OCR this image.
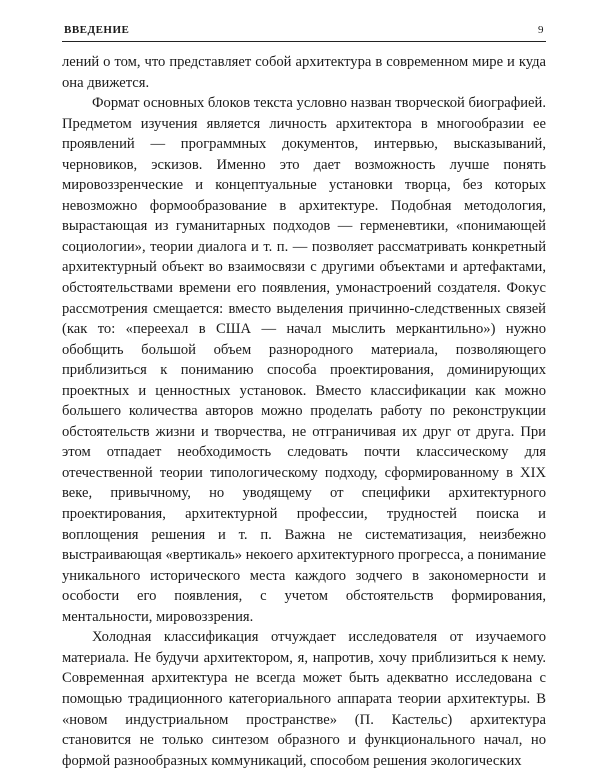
ВВЕДЕНИЕ	9

лений о том, что представляет собой архитектура в современном мире и куда она движется.

Формат основных блоков текста условно назван творческой биографией. Предметом изучения является личность архитектора в многообразии ее проявлений — программных документов, интервью, высказываний, черновиков, эскизов. Именно это дает возможность лучше понять мировоззренческие и концептуальные установки творца, без которых невозможно формообразование в архитектуре. Подобная методология, вырастающая из гуманитарных подходов — герменевтики, «понимающей социологии», теории диалога и т. п. — позволяет рассматривать конкретный архитектурный объект во взаимосвязи с другими объектами и артефактами, обстоятельствами времени его появления, умонастроений создателя. Фокус рассмотрения смещается: вместо выделения причинно-следственных связей (как то: «переехал в США — начал мыслить меркантильно») нужно обобщить большой объем разнородного материала, позволяющего приблизиться к пониманию способа проектирования, доминирующих проектных и ценностных установок. Вместо классификации как можно большего количества авторов можно проделать работу по реконструкции обстоятельств жизни и творчества, не отграничивая их друг от друга. При этом отпадает необходимость следовать почти классическому для отечественной теории типологическому подходу, сформированному в XIX веке, привычному, но уводящему от специфики архитектурного проектирования, архитектурной профессии, трудностей поиска и воплощения решения и т. п. Важна не систематизация, неизбежно выстраивающая «вертикаль» некоего архитектурного прогресса, а понимание уникального исторического места каждого зодчего в закономерности и особости его появления, с учетом обстоятельств формирования, ментальности, мировоззрения.

Холодная классификация отчуждает исследователя от изучаемого материала. Не будучи архитектором, я, напротив, хочу приблизиться к нему. Современная архитектура не всегда может быть адекватно исследована с помощью традиционного категориального аппарата теории архитектуры. В «новом индустриальном пространстве» (П. Кастельс) архитектура становится не только синтезом образного и функционального начал, но формой разнообразных коммуникаций, способом решения экологических
